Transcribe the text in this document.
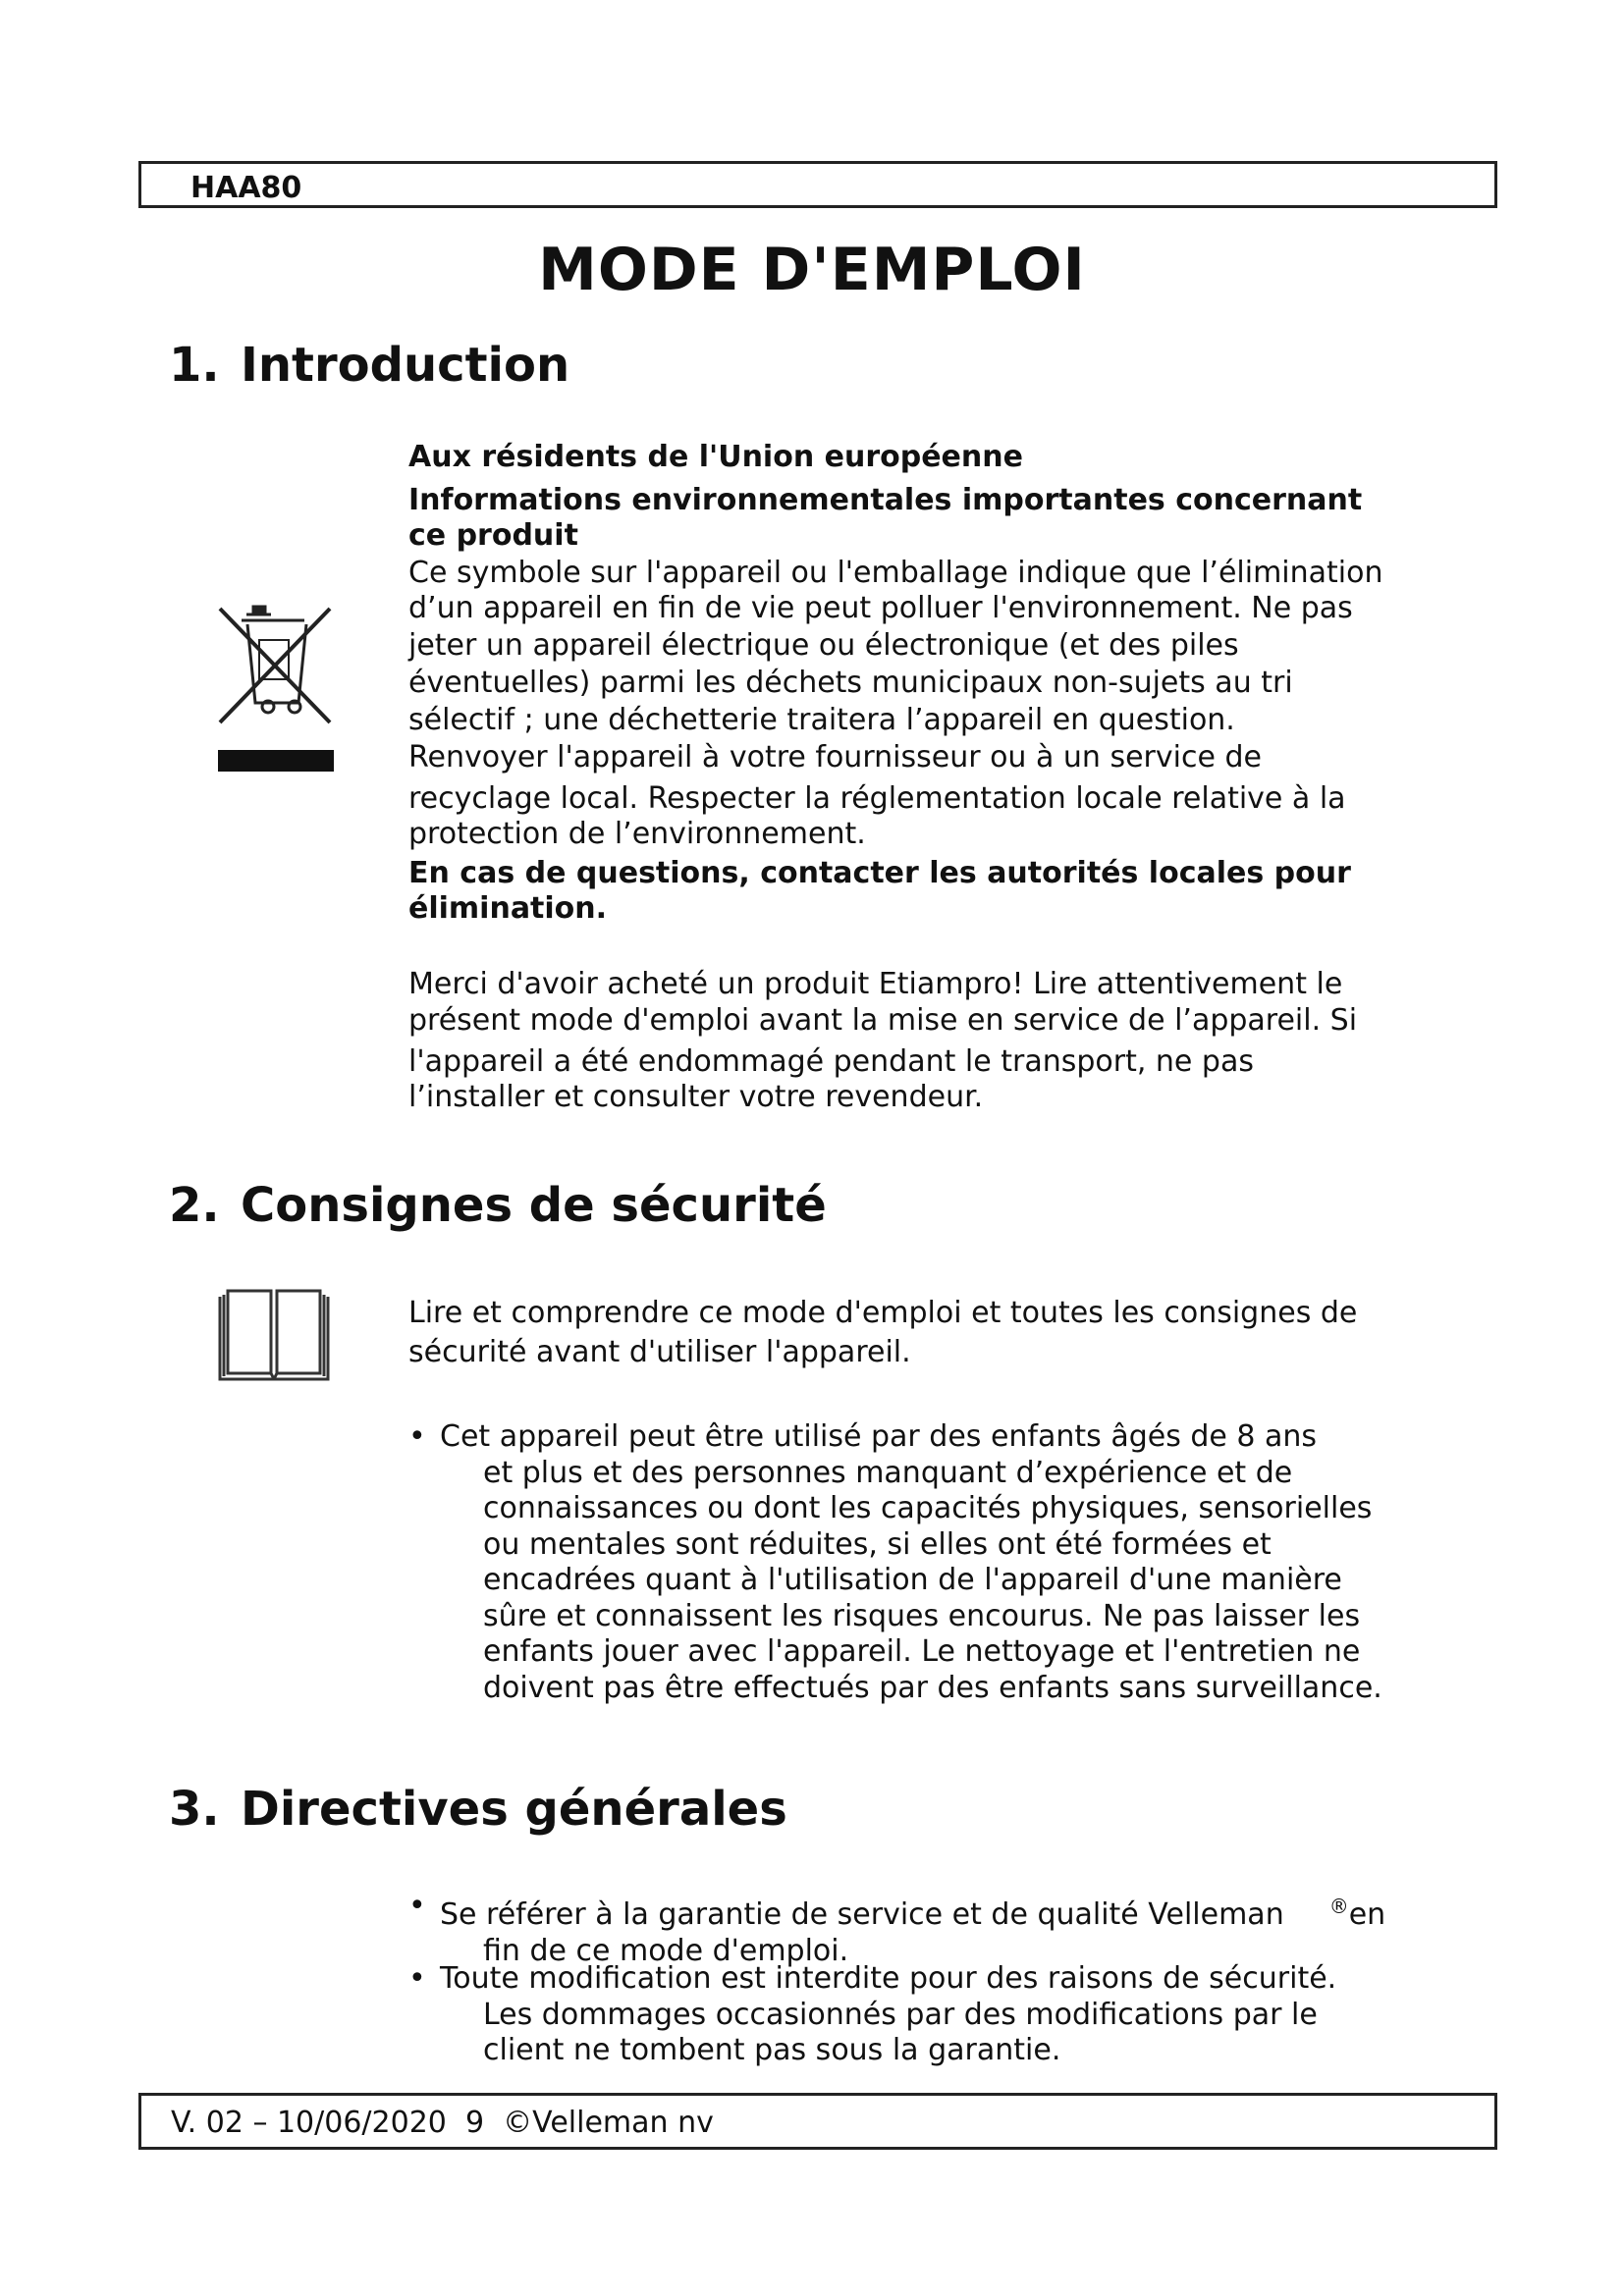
HAA80
MODE D'EMPLOI
1. Introduction
Aux résidents de l'Union européenne
Informations environnementales importantes concernant
ce produit
Ce symbole sur l'appareil ou l'emballage indique que l’élimination
d’un appareil en fin de vie peut polluer l'environnement. Ne pas
jeter un appareil électrique ou électronique (et des piles
éventuelles) parmi les déchets municipaux non-sujets au tri
sélectif ; une déchetterie traitera l’appareil en question.
Renvoyer l'appareil à votre fournisseur ou à un service de
recyclage local. Respecter la réglementation locale relative à la
protection de l’environnement.
En cas de questions, contacter les autorités locales pour
élimination.
Merci d'avoir acheté un produit Etiampro! Lire attentivement le
présent mode d'emploi avant la mise en service de l’appareil. Si
l'appareil a été endommagé pendant le transport, ne pas
l’installer et consulter votre revendeur.
2. Consignes de sécurité
Lire et comprendre ce mode d'emploi et toutes les consignes de
sécurité avant d'utiliser l'appareil.
• Cet appareil peut être utilisé par des enfants âgés de 8 ans
et plus et des personnes manquant d’expérience et de
connaissances ou dont les capacités physiques, sensorielles
ou mentales sont réduites, si elles ont été formées et
encadrées quant à l'utilisation de l'appareil d'une manière
sûre et connaissent les risques encourus. Ne pas laisser les
enfants jouer avec l'appareil. Le nettoyage et l'entretien ne
doivent pas être effectués par des enfants sans surveillance.
3. Directives générales
• Se référer à la garantie de service et de qualité Velleman ®en
fin de ce mode d'emploi.
• Toute modification est interdite pour des raisons de sécurité.
Les dommages occasionnés par des modifications par le
client ne tombent pas sous la garantie.
V. 02 – 10/06/2020 9 ©Velleman nv
